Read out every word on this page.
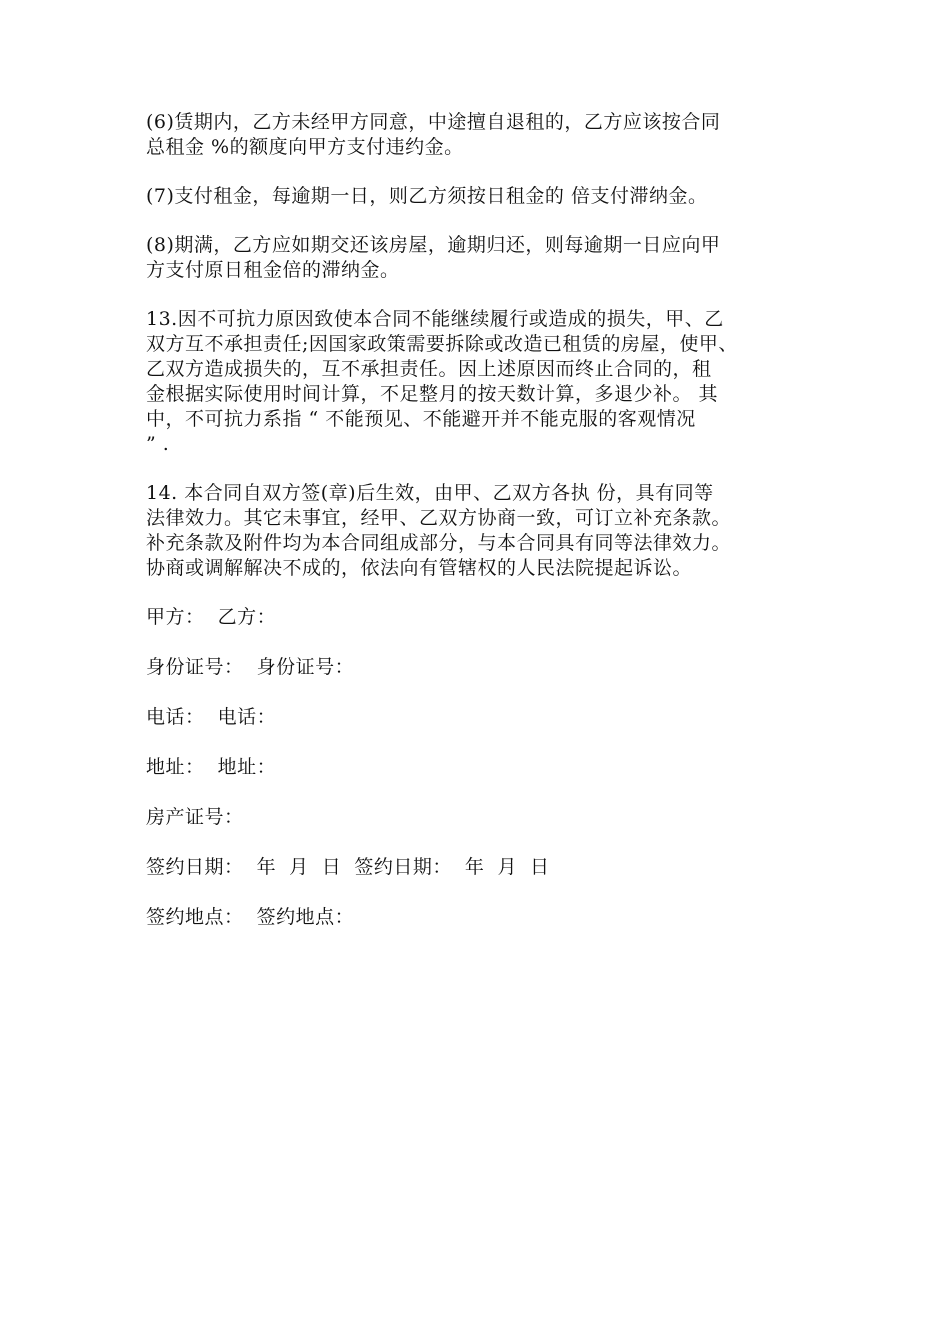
(6)赁期内，乙方未经甲方同意，中途擅自退租的，乙方应该按合同
总租金 %的额度向甲方支付违约金。

(7)支付租金，每逾期一日，则乙方须按日租金的 倍支付滞纳金。

(8)期满，乙方应如期交还该房屋，逾期归还，则每逾期一日应向甲
方支付原日租金倍的滞纳金。

13.因不可抗力原因致使本合同不能继续履行或造成的损失，甲、乙
双方互不承担责任;因国家政策需要拆除或改造已租赁的房屋，使甲、
乙双方造成损失的，互不承担责任。因上述原因而终止合同的，租
金根据实际使用时间计算，不足整月的按天数计算，多退少补。 其
中，不可抗力系指 “ 不能预见、不能避开并不能克服的客观情况
” .

14. 本合同自双方签(章)后生效，由甲、乙双方各执 份，具有同等
法律效力。其它未事宜，经甲、乙双方协商一致，可订立补充条款。
补充条款及附件均为本合同组成部分，与本合同具有同等法律效力。
协商或调解解决不成的，依法向有管辖权的人民法院提起诉讼。

甲方：  乙方：

身份证号：  身份证号：

电话：  电话：

地址：  地址：

房产证号：

签约日期：  年  月  日  签约日期：  年  月  日

签约地点：  签约地点：
